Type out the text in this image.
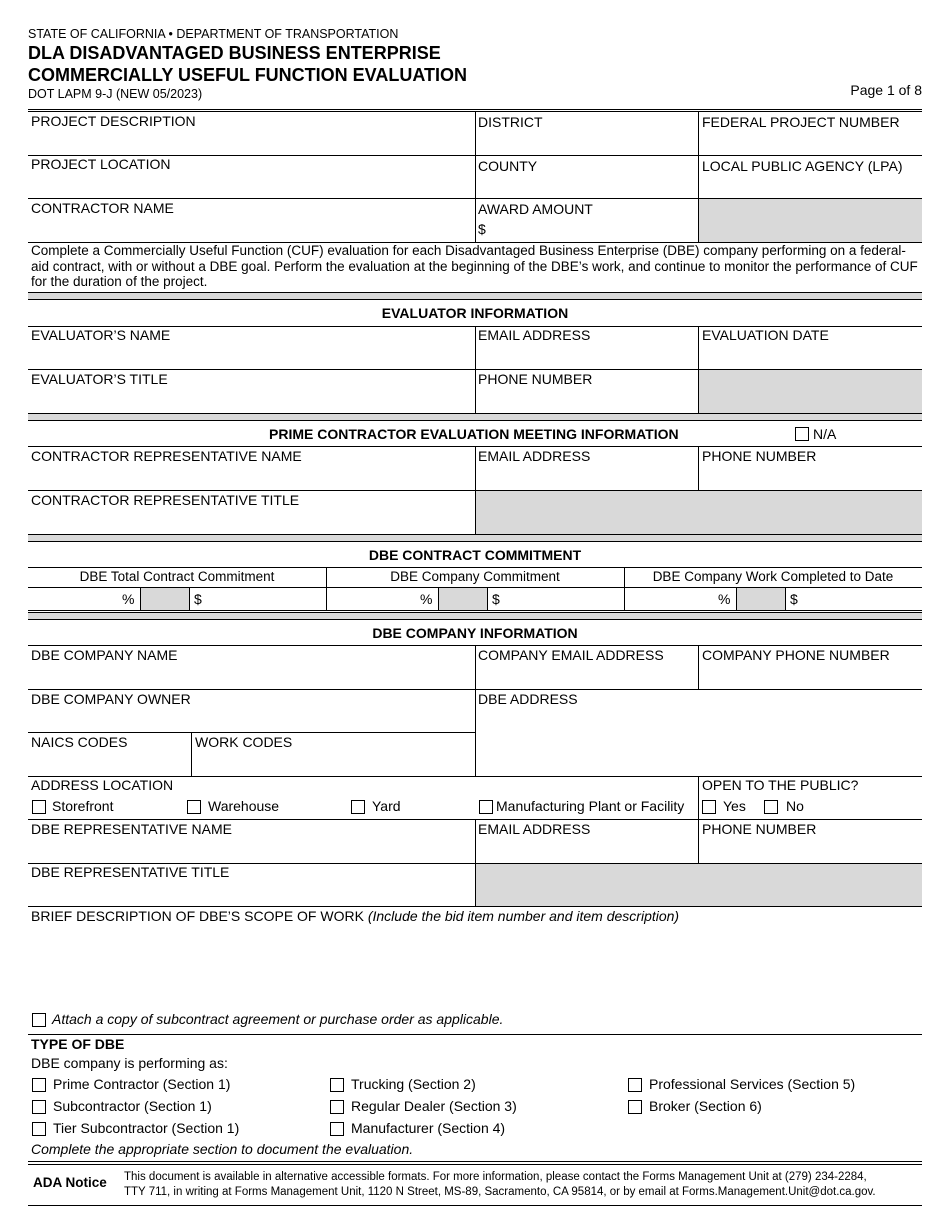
STATE OF CALIFORNIA • DEPARTMENT OF TRANSPORTATION
DLA DISADVANTAGED BUSINESS ENTERPRISE
COMMERCIALLY USEFUL FUNCTION EVALUATION
DOT LAPM 9-J (NEW 05/2023)	Page 1 of 8
PROJECT DESCRIPTION	DISTRICT	FEDERAL PROJECT NUMBER
PROJECT LOCATION	COUNTY	LOCAL PUBLIC AGENCY (LPA)
CONTRACTOR NAME	AWARD AMOUNT
$
Complete a Commercially Useful Function (CUF) evaluation for each Disadvantaged Business Enterprise (DBE) company performing on a federal-aid contract, with or without a DBE goal. Perform the evaluation at the beginning of the DBE’s work, and continue to monitor the performance of CUF for the duration of the project.
EVALUATOR INFORMATION
EVALUATOR’S NAME	EMAIL ADDRESS	EVALUATION DATE
EVALUATOR’S TITLE	PHONE NUMBER
PRIME CONTRACTOR EVALUATION MEETING INFORMATION	N/A
CONTRACTOR REPRESENTATIVE NAME	EMAIL ADDRESS	PHONE NUMBER
CONTRACTOR REPRESENTATIVE TITLE
DBE CONTRACT COMMITMENT
DBE Total Contract Commitment	DBE Company Commitment	DBE Company Work Completed to Date
%	$	%	$	%	$
DBE COMPANY INFORMATION
DBE COMPANY NAME	COMPANY EMAIL ADDRESS	COMPANY PHONE NUMBER
DBE COMPANY OWNER	DBE ADDRESS
NAICS CODES	WORK CODES
ADDRESS LOCATION
Storefront	Warehouse	Yard	Manufacturing Plant or Facility
OPEN TO THE PUBLIC?
Yes	No
DBE REPRESENTATIVE NAME	EMAIL ADDRESS	PHONE NUMBER
DBE REPRESENTATIVE TITLE
BRIEF DESCRIPTION OF DBE’S SCOPE OF WORK (Include the bid item number and item description)
Attach a copy of subcontract agreement or purchase order as applicable.
TYPE OF DBE
DBE company is performing as:
Prime Contractor (Section 1)
Subcontractor (Section 1)
Tier Subcontractor (Section 1)
Trucking (Section 2)
Regular Dealer (Section 3)
Manufacturer (Section 4)
Professional Services (Section 5)
Broker (Section 6)
Complete the appropriate section to document the evaluation.
ADA Notice This document is available in alternative accessible formats. For more information, please contact the Forms Management Unit at (279) 234-2284,
TTY 711, in writing at Forms Management Unit, 1120 N Street, MS-89, Sacramento, CA 95814, or by email at Forms.Management.Unit@dot.ca.gov.
